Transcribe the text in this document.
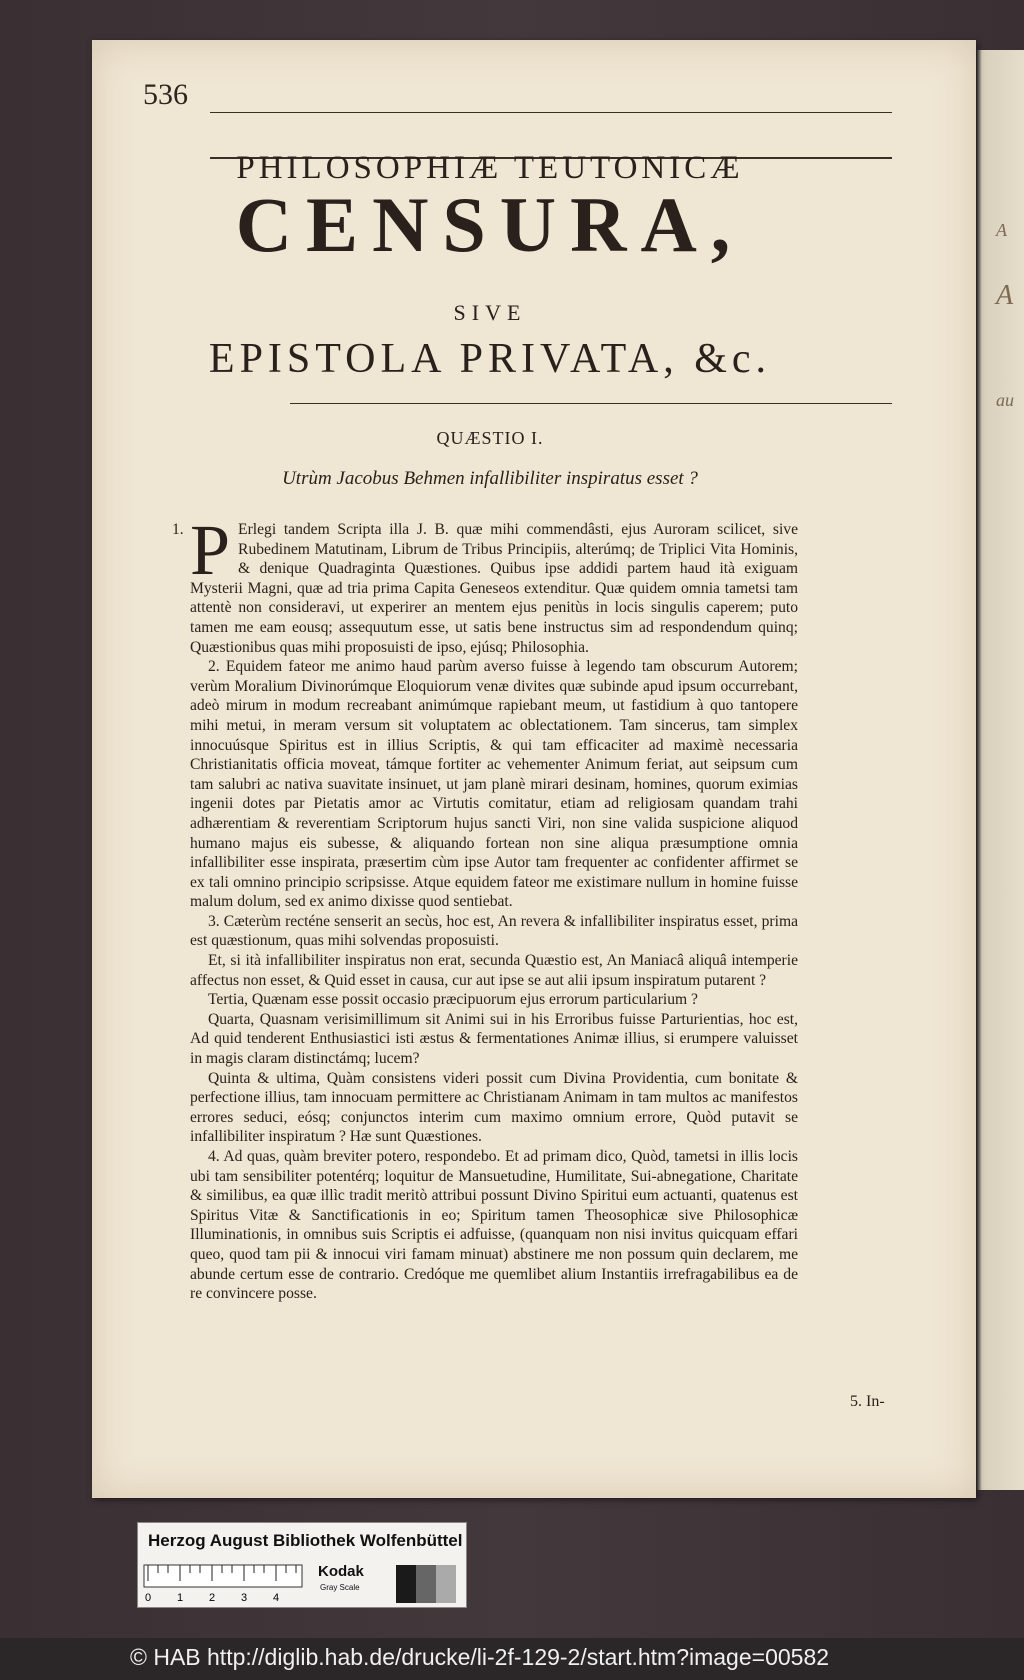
A
A
au
536
PHILOSOPHIÆ TEUTONICÆ
CENSURA,
SIVE
EPISTOLA PRIVATA, &c.
QUÆSTIO I.
Utrùm Jacobus Behmen infallibiliter inspiratus esset ?

1. P Erlegi tandem Scripta illa J. B. quæ mihi commendâsti, ejus Auroram scilicet, sive Rubedinem Matutinam, Librum de Tribus Principiis, alterúmq; de Triplici Vita Hominis, & denique Quadraginta Quæstiones. Quibus ipse addidi partem haud ità exiguam Mysterii Magni, quæ ad tria prima Capita Geneseos extenditur. Quæ quidem omnia tametsi tam attentè non consideravi, ut experirer an mentem ejus penitùs in locis singulis caperem; puto tamen me eam eousq; assequutum esse, ut satis bene instructus sim ad respondendum quinq; Quæstionibus quas mihi proposuisti de ipso, ejúsq; Philosophia.

2. Equidem fateor me animo haud parùm averso fuisse à legendo tam obscurum Autorem; verùm Moralium Divinorúmque Eloquiorum venæ divites quæ subinde apud ipsum occurrebant, adeò mirum in modum recreabant animúmque rapiebant meum, ut fastidium à quo tantopere mihi metui, in meram versum sit voluptatem ac oblectationem. Tam sincerus, tam simplex innocuúsque Spiritus est in illius Scriptis, & qui tam efficaciter ad maximè necessaria Christianitatis officia moveat, támque fortiter ac vehementer Animum feriat, aut seipsum cum tam salubri ac nativa suavitate insinuet, ut jam planè mirari desinam, homines, quorum eximias ingenii dotes par Pietatis amor ac Virtutis comitatur, etiam ad religiosam quandam trahi adhærentiam & reverentiam Scriptorum hujus sancti Viri, non sine valida suspicione aliquod humano majus eis subesse, & aliquando fortean non sine aliqua præsumptione omnia infallibiliter esse inspirata, præsertim cùm ipse Autor tam frequenter ac confidenter affirmet se ex tali omnino principio scripsisse. Atque equidem fateor me existimare nullum in homine fuisse malum dolum, sed ex animo dixisse quod sentiebat.

3. Cæterùm recténe senserit an secùs, hoc est, An revera & infallibiliter inspiratus esset, prima est quæstionum, quas mihi solvendas proposuisti.

Et, si ità infallibiliter inspiratus non erat, secunda Quæstio est, An Maniacâ aliquâ intemperie affectus non esset, & Quid esset in causa, cur aut ipse se aut alii ipsum inspiratum putarent ?

Tertia, Quænam esse possit occasio præcipuorum ejus errorum particularium ?

Quarta, Quasnam verisimillimum sit Animi sui in his Erroribus fuisse Parturientias, hoc est, Ad quid tenderent Enthusiastici isti æstus & fermentationes Animæ illius, si erumpere valuisset in magis claram distinctámq; lucem?

Quinta & ultima, Quàm consistens videri possit cum Divina Providentia, cum bonitate & perfectione illius, tam innocuam permittere ac Christianam Animam in tam multos ac manifestos errores seduci, eósq; conjunctos interim cum maximo omnium errore, Quòd putavit se infallibiliter inspiratum ? Hæ sunt Quæstiones.

4. Ad quas, quàm breviter potero, respondebo. Et ad primam dico, Quòd, tametsi in illis locis ubi tam sensibiliter potentérq; loquitur de Mansuetudine, Humilitate, Sui-abnegatione, Charitate & similibus, ea quæ illìc tradit meritò attribui possunt Divino Spiritui eum actuanti, quatenus est Spiritus Vitæ & Sanctificationis in eo; Spiritum tamen Theosophicæ sive Philosophicæ Illuminationis, in omnibus suis Scriptis ei adfuisse, (quanquam non nisi invitus quicquam effari queo, quod tam pii & innocui viri famam minuat) abstinere me non possum quin declarem, me abunde certum esse de contrario. Credóque me quemlibet alium Instantiis irrefragabilibus ea de re convincere posse.

5. In-
Herzog August Bibliothek Wolfenbüttel
0 1 2 3 4
Kodak
Gray Scale
© HAB http://diglib.hab.de/drucke/li-2f-129-2/start.htm?image=00582
